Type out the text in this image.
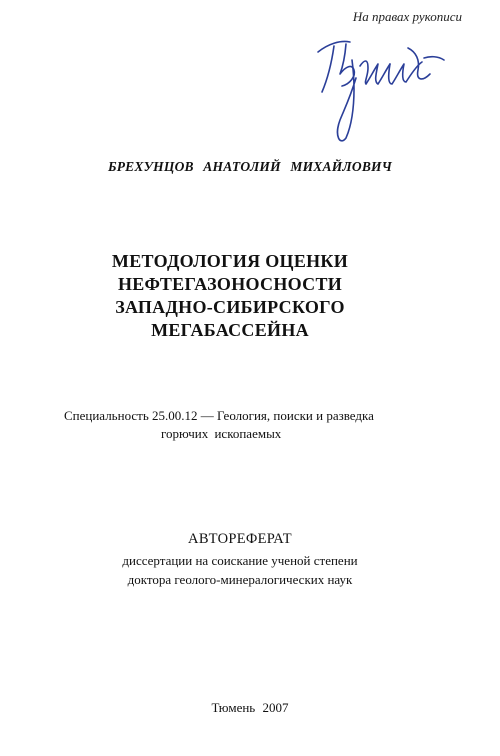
На правах рукописи
БРЕХУНЦОВ АНАТОЛИЙ МИХАЙЛОВИЧ
МЕТОДОЛОГИЯ ОЦЕНКИ
НЕФТЕГАЗОНОСНОСТИ
ЗАПАДНО-СИБИРСКОГО
МЕГАБАССЕЙНА
Специальность 25.00.12 — Геология, поиски и разведка
горючих ископаемых
АВТОРЕФЕРАТ
диссертации на соискание ученой степени
доктора геолого-минералогических наук
Тюмень 2007
